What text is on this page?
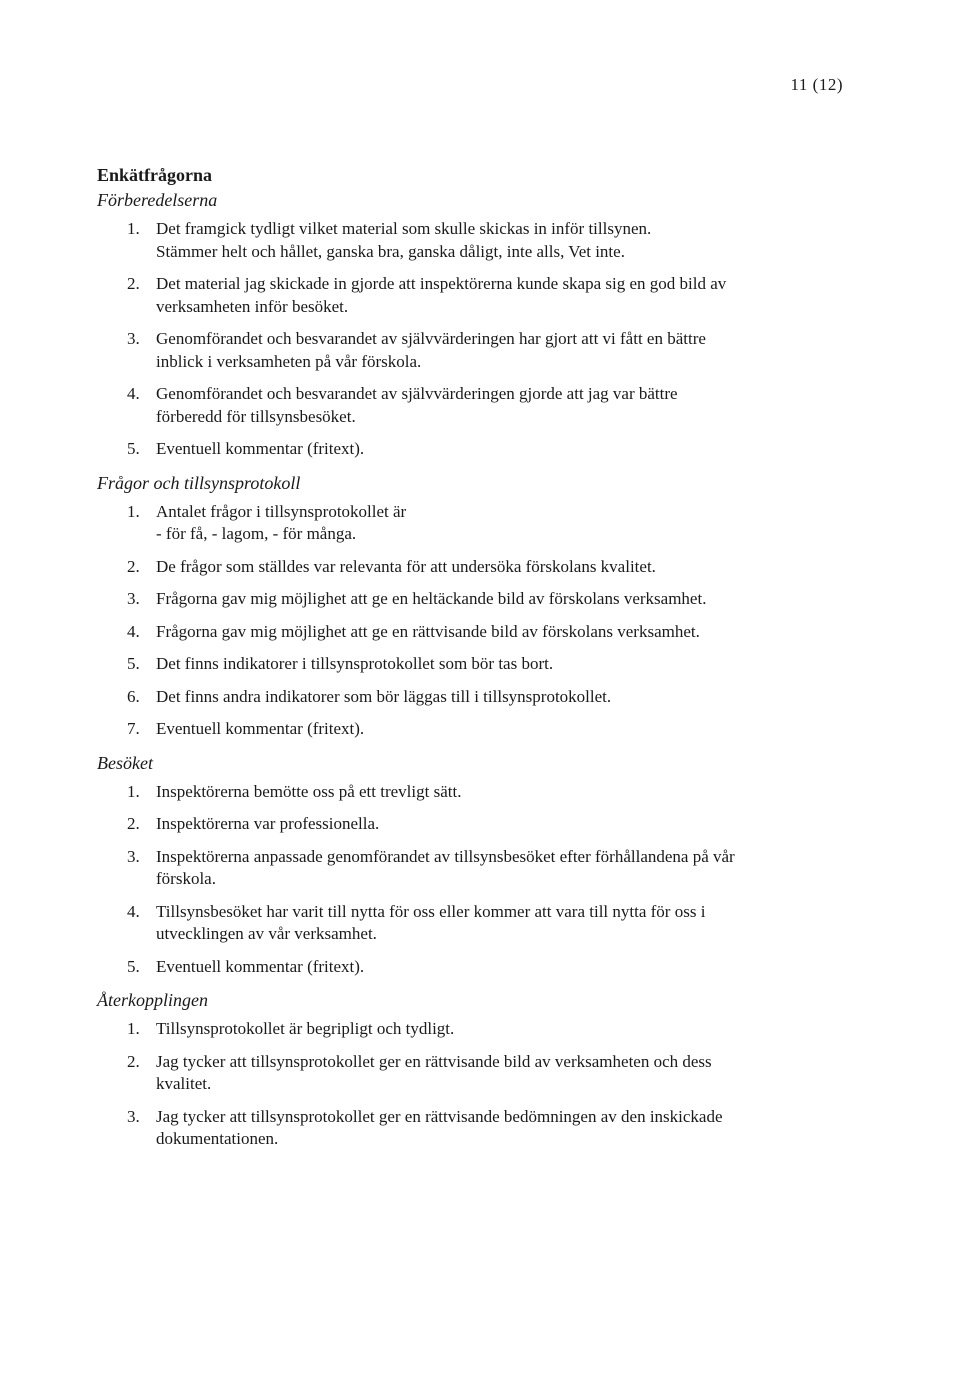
11 (12)
Enkätfrågorna
Förberedelserna
1. Det framgick tydligt vilket material som skulle skickas in inför tillsynen.
Stämmer helt och hållet, ganska bra, ganska dåligt, inte alls, Vet inte.
2. Det material jag skickade in gjorde att inspektörerna kunde skapa sig en god bild av
verksamheten inför besöket.
3. Genomförandet och besvarandet av självvärderingen har gjort att vi fått en bättre
inblick i verksamheten på vår förskola.
4. Genomförandet och besvarandet av självvärderingen gjorde att jag var bättre
förberedd för tillsynsbesöket.
5. Eventuell kommentar (fritext).
Frågor och tillsynsprotokoll
1. Antalet frågor i tillsynsprotokollet är
- för få, - lagom, - för många.
2. De frågor som ställdes var relevanta för att undersöka förskolans kvalitet.
3. Frågorna gav mig möjlighet att ge en heltäckande bild av förskolans verksamhet.
4. Frågorna gav mig möjlighet att ge en rättvisande bild av förskolans verksamhet.
5. Det finns indikatorer i tillsynsprotokollet som bör tas bort.
6. Det finns andra indikatorer som bör läggas till i tillsynsprotokollet.
7. Eventuell kommentar (fritext).
Besöket
1. Inspektörerna bemötte oss på ett trevligt sätt.
2. Inspektörerna var professionella.
3. Inspektörerna anpassade genomförandet av tillsynsbesöket efter förhållandena på vår
förskola.
4. Tillsynsbesöket har varit till nytta för oss eller kommer att vara till nytta för oss i
utvecklingen av vår verksamhet.
5. Eventuell kommentar (fritext).
Återkopplingen
1. Tillsynsprotokollet är begripligt och tydligt.
2. Jag tycker att tillsynsprotokollet ger en rättvisande bild av verksamheten och dess
kvalitet.
3. Jag tycker att tillsynsprotokollet ger en rättvisande bedömningen av den inskickade
dokumentationen.
